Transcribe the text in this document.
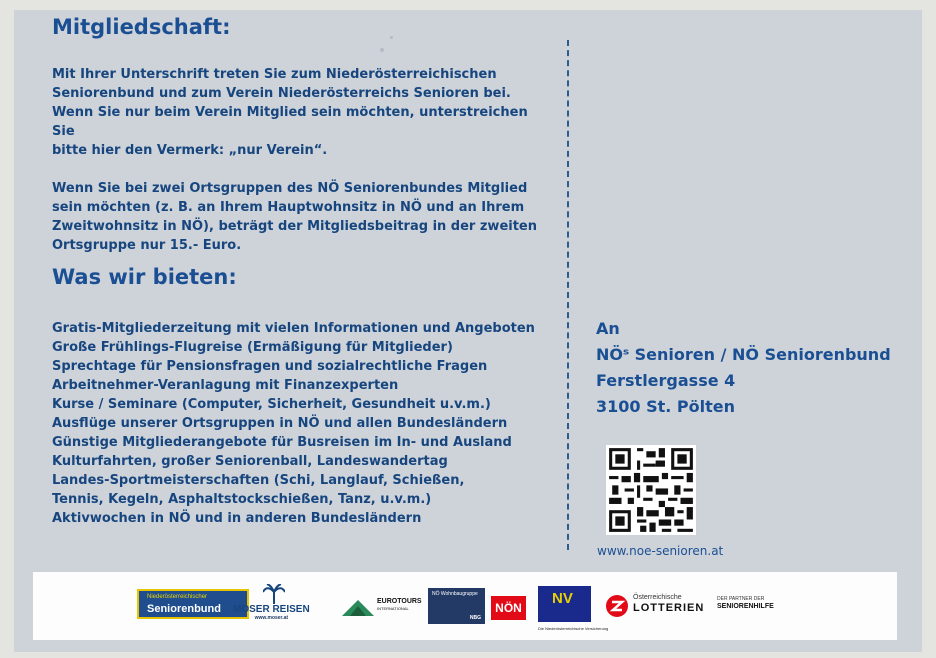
Mitgliedschaft:

Mit Ihrer Unterschrift treten Sie zum Niederösterreichischen
Seniorenbund und zum Verein Niederösterreichs Senioren bei.
Wenn Sie nur beim Verein Mitglied sein möchten, unterstreichen Sie
bitte hier den Vermerk: „nur Verein“.

Wenn Sie bei zwei Ortsgruppen des NÖ Seniorenbundes Mitglied
sein möchten (z. B. an Ihrem Hauptwohnsitz in NÖ und an Ihrem
Zweitwohnsitz in NÖ), beträgt der Mitgliedsbeitrag in der zweiten
Ortsgruppe nur 15.- Euro.

Was wir bieten:

Gratis-Mitgliederzeitung mit vielen Informationen und Angeboten
Große Frühlings-Flugreise (Ermäßigung für Mitglieder)
Sprechtage für Pensionsfragen und sozialrechtliche Fragen
Arbeitnehmer-Veranlagung mit Finanzexperten
Kurse / Seminare (Computer, Sicherheit, Gesundheit u.v.m.)
Ausflüge unserer Ortsgruppen in NÖ und allen Bundesländern
Günstige Mitgliederangebote für Busreisen im In- und Ausland
Kulturfahrten, großer Seniorenball, Landeswandertag
Landes-Sportmeisterschaften (Schi, Langlauf, Schießen,
Tennis, Kegeln, Asphaltstockschießen, Tanz, u.v.m.)
Aktivwochen in NÖ und in anderen Bundesländern

An

NÖˢ Senioren / NÖ Seniorenbund

Ferstlergasse 4

3100 St. Pölten

www.noe-senioren.at
Niederösterreichischer
Seniorenbund MOSER REISEN
www.moser.at
EUROTOURS
INTERNATIONAL
NÖ Wohnbaugruppe
NBG
NÖN
NV
Die Niederösterreichische Versicherung
Österreichische
LOTTERIEN
DER PARTNER DER
SENIORENHILFE
